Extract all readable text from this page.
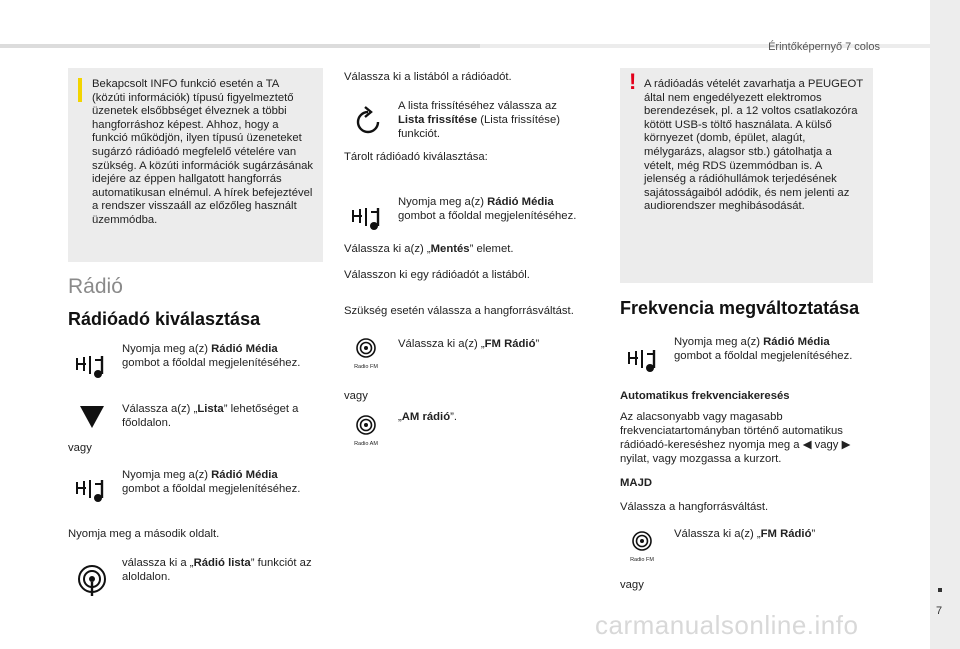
Érintőképernyő 7 colos
7
carmanualsonline.info
Bekapcsolt INFO funkció esetén a TA (közúti információk) típusú figyelmeztető üzenetek elsőbbséget élveznek a többi hangforráshoz képest. Ahhoz, hogy a funkció működjön, ilyen típusú üzeneteket sugárzó rádióadó megfelelő vételére van szükség. A közúti információk sugárzásának idejére az éppen hallgatott hangforrás automatikusan elnémul. A hírek befejeztével a rendszer visszaáll az előzőleg használt üzemmódba.
Rádió
Rádióadó kiválasztása
Nyomja meg a(z) Rádió Média
gombot a főoldal megjelenítéséhez.
Válassza a(z) „Lista” lehetőséget a főoldalon.
vagy
Nyomja meg a(z) Rádió Média
gombot a főoldal megjelenítéséhez.
Nyomja meg a második oldalt.
válassza ki a „Rádió lista” funkciót az aloldalon.
Válassza ki a listából a rádióadót.
A lista frissítéséhez válassza az
Lista frissítése (Lista frissítése) funkciót.
Tárolt rádióadó kiválasztása:
Nyomja meg a(z) Rádió Média
gombot a főoldal megjelenítéséhez.
Válassza ki a(z) „Mentés” elemet.
Válasszon ki egy rádióadót a listából.
Szükség esetén válassza a hangforrásváltást.
Radio FM
Válassza ki a(z) „FM Rádió”
vagy
Radio AM
„AM rádió”.
! A rádióadás vételét zavarhatja a PEUGEOT által nem engedélyezett elektromos berendezések, pl. a 12 voltos csatlakozóra kötött USB-s töltő használata. A külső környezet (domb, épület, alagút, mélygarázs, alagsor stb.) gátolhatja a vételt, még RDS üzemmódban is. A jelenség a rádióhullámok terjedésének sajátosságaiból adódik, és nem jelenti az audiorendszer meghibásodását.
Frekvencia megváltoztatása
Nyomja meg a(z) Rádió Média
gombot a főoldal megjelenítéséhez.
Automatikus frekvenciakeresés
Az alacsonyabb vagy magasabb frekvenciatartományban történő automatikus rádióadó-kereséshez nyomja meg a ◀ vagy ▶ nyilat, vagy mozgassa a kurzort.
MAJD
Válassza a hangforrásváltást.
Radio FM
Válassza ki a(z) „FM Rádió”
vagy
